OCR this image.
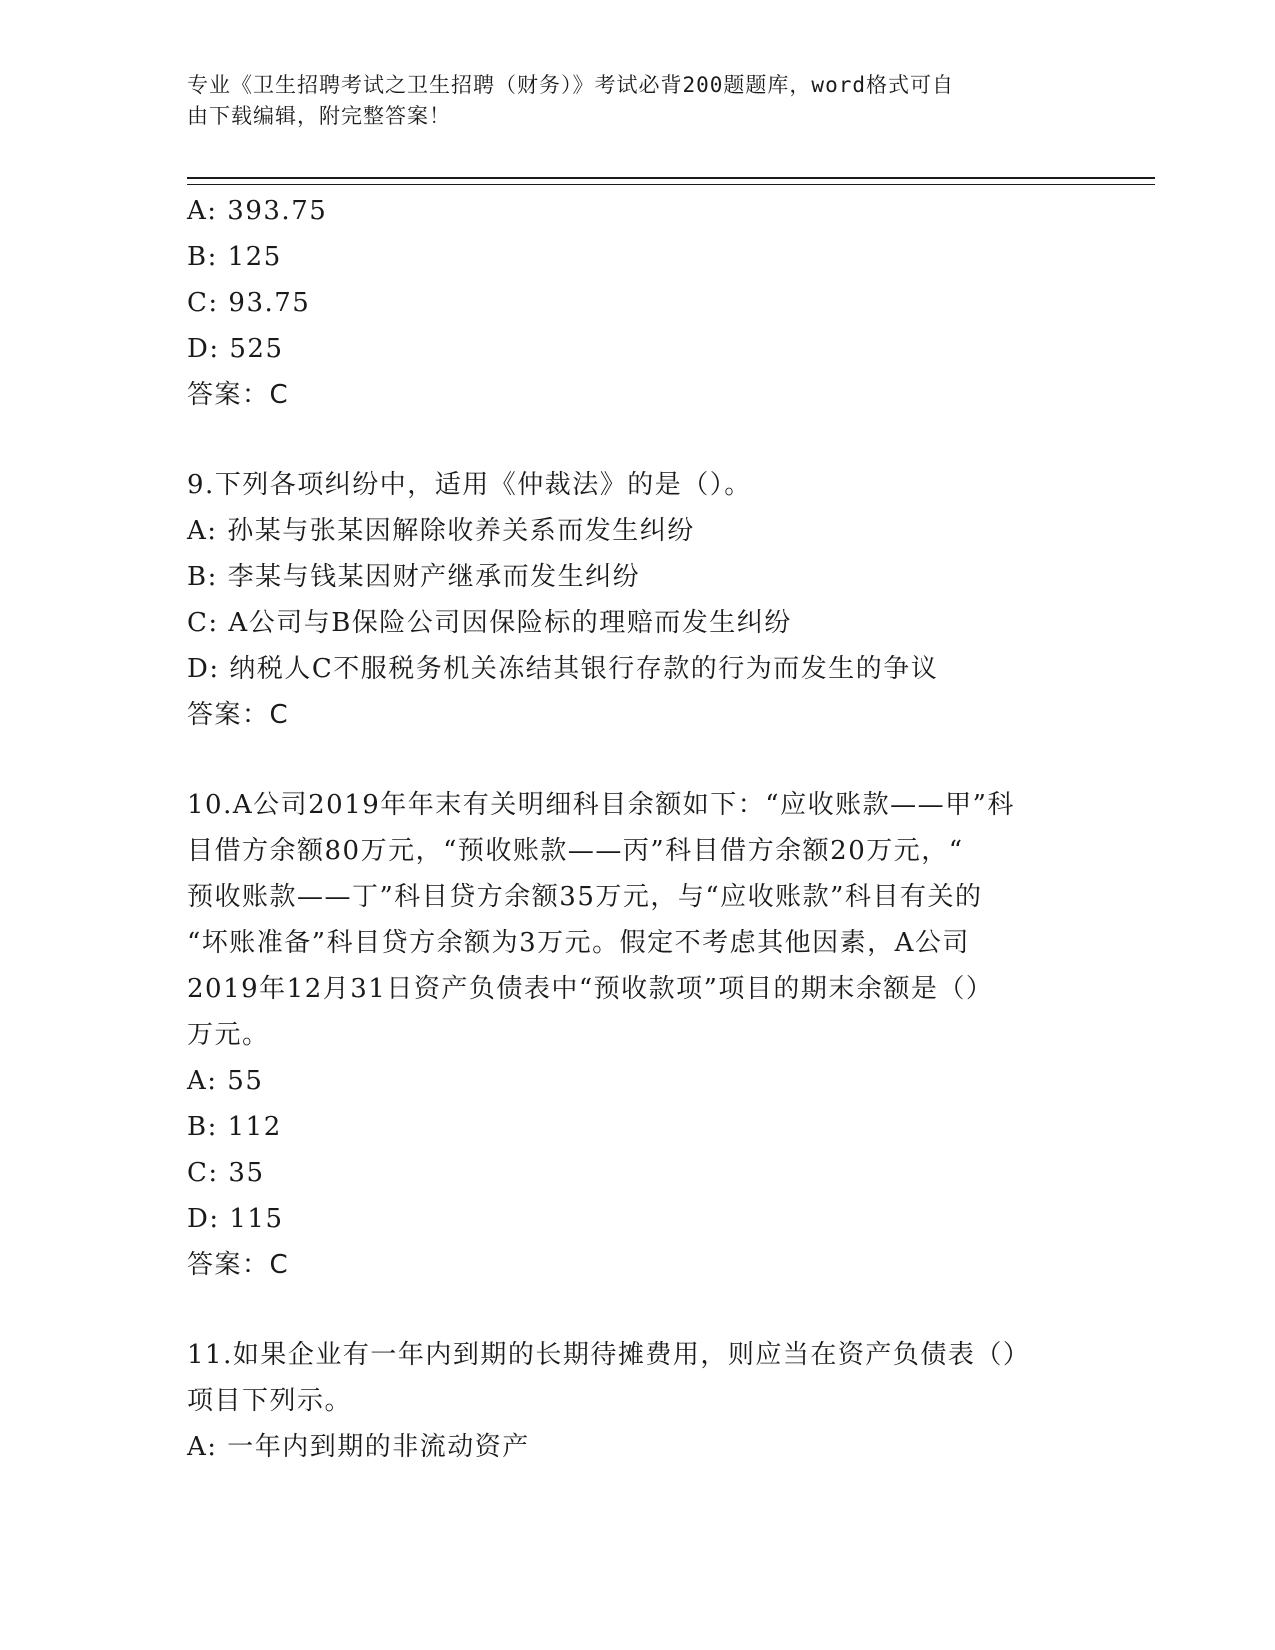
专业《卫生招聘考试之卫生招聘（财务）》考试必背200题题库，word格式可自
由下载编辑，附完整答案！
A: 393.75
B: 125
C: 93.75
D: 525
答案：C
9.下列各项纠纷中，适用《仲裁法》的是（）。
A: 孙某与张某因解除收养关系而发生纠纷
B: 李某与钱某因财产继承而发生纠纷
C: A公司与B保险公司因保险标的理赔而发生纠纷
D: 纳税人C不服税务机关冻结其银行存款的行为而发生的争议
答案：C
10.A公司2019年年末有关明细科目余额如下：“应收账款——甲”科
目借方余额80万元，“预收账款——丙”科目借方余额20万元，“
预收账款——丁”科目贷方余额35万元，与“应收账款”科目有关的
“坏账准备”科目贷方余额为3万元。假定不考虑其他因素，A公司
2019年12月31日资产负债表中“预收款项”项目的期末余额是（）
万元。
A: 55
B: 112
C: 35
D: 115
答案：C
11.如果企业有一年内到期的长期待摊费用，则应当在资产负债表（）
项目下列示。
A: 一年内到期的非流动资产
